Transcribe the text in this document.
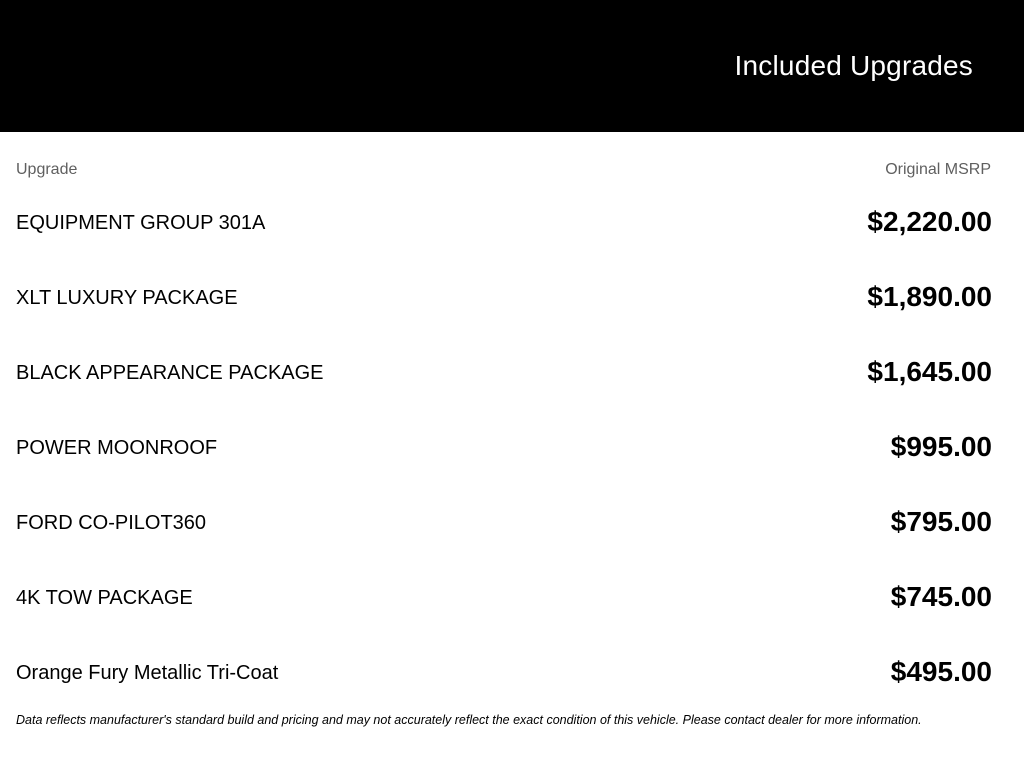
Included Upgrades
Upgrade	Original MSRP
EQUIPMENT GROUP 301A	$2,220.00
XLT LUXURY PACKAGE	$1,890.00
BLACK APPEARANCE PACKAGE	$1,645.00
POWER MOONROOF	$995.00
FORD CO-PILOT360	$795.00
4K TOW PACKAGE	$745.00
Orange Fury Metallic Tri-Coat	$495.00

Data reflects manufacturer's standard build and pricing and may not accurately reflect the exact condition of this vehicle. Please contact dealer for more information.
